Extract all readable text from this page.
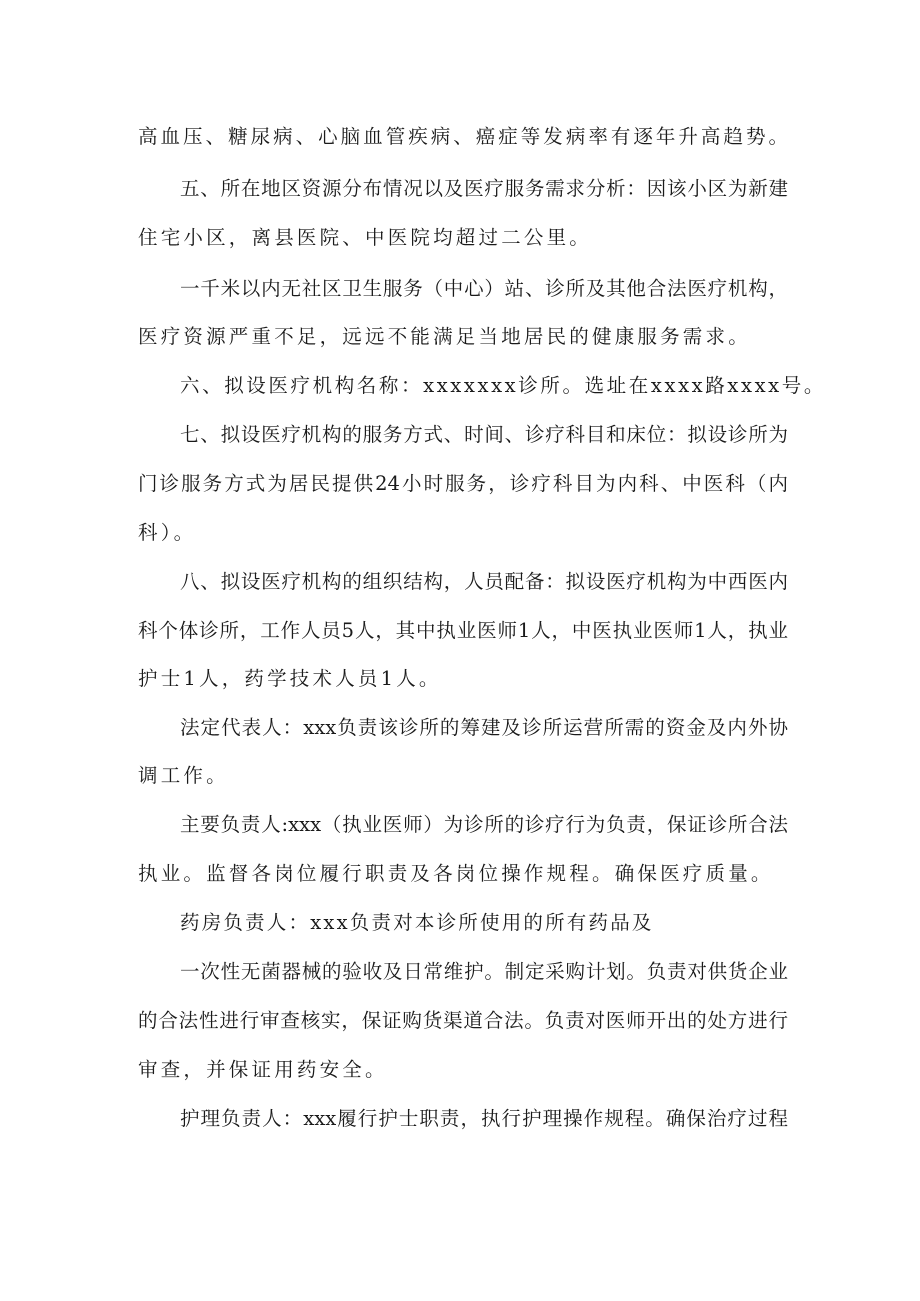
高血压、糖尿病、心脑血管疾病、癌症等发病率有逐年升高趋势。
五、所在地区资源分布情况以及医疗服务需求分析：因该小区为新建
住宅小区，离县医院、中医院均超过二公里。
一千米以内无社区卫生服务（中心）站、诊所及其他合法医疗机构，
医疗资源严重不足，远远不能满足当地居民的健康服务需求。
六、拟设医疗机构名称：xxxxxxx诊所。选址在xxxx路xxxx号。
七、拟设医疗机构的服务方式、时间、诊疗科目和床位：拟设诊所为
门诊服务方式为居民提供24小时服务，诊疗科目为内科、中医科（内
科）。
八、拟设医疗机构的组织结构，人员配备：拟设医疗机构为中西医内
科个体诊所，工作人员5人，其中执业医师1人，中医执业医师1人，执业
护士1人，药学技术人员1人。
法定代表人：xxx负责该诊所的筹建及诊所运营所需的资金及内外协
调工作。
主要负责人:xxx（执业医师）为诊所的诊疗行为负责，保证诊所合法
执业。监督各岗位履行职责及各岗位操作规程。确保医疗质量。
药房负责人：xxx负责对本诊所使用的所有药品及
一次性无菌器械的验收及日常维护。制定采购计划。负责对供货企业
的合法性进行审查核实，保证购货渠道合法。负责对医师开出的处方进行
审查，并保证用药安全。
护理负责人：xxx履行护士职责，执行护理操作规程。确保治疗过程
